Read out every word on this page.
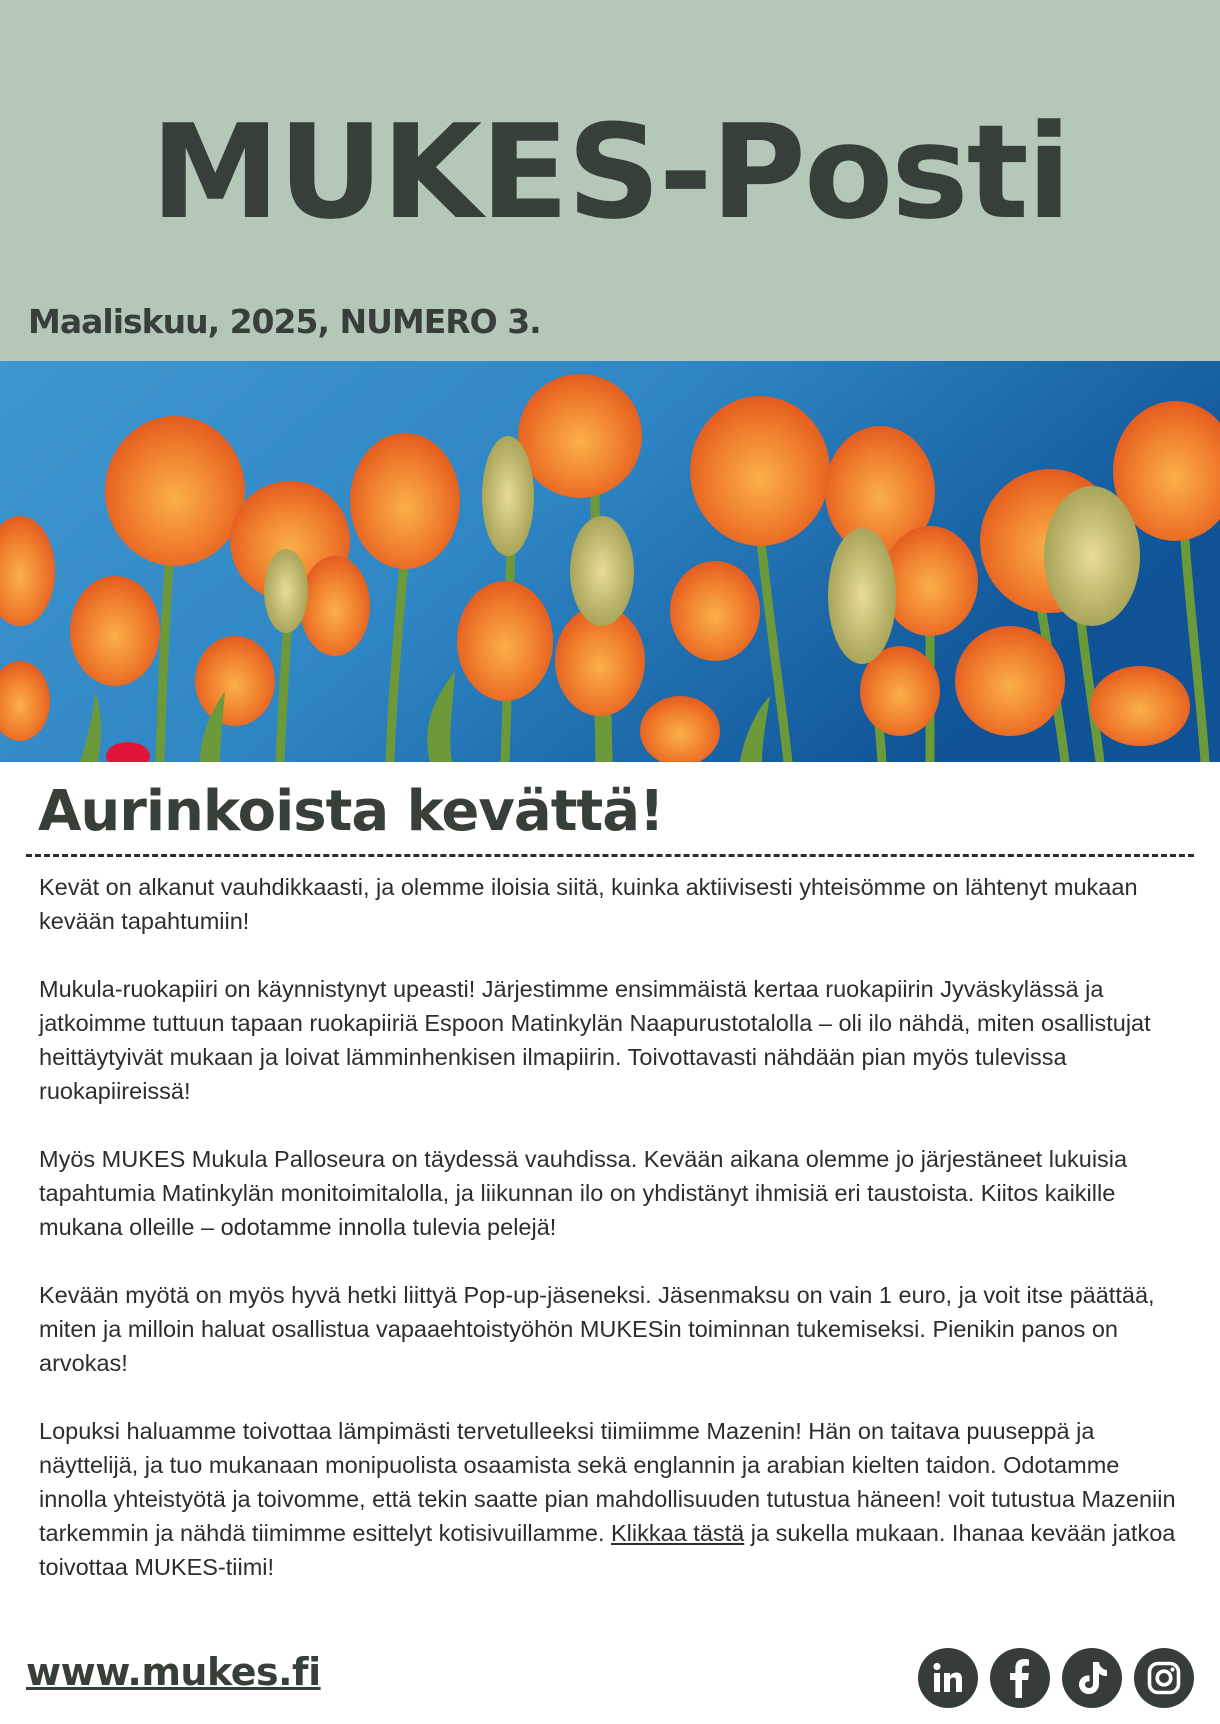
MUKES-Posti
Maaliskuu, 2025, NUMERO 3.
Aurinkoista kevättä!

Kevät on alkanut vauhdikkaasti, ja olemme iloisia siitä, kuinka aktiivisesti yhteisömme on lähtenyt mukaan kevään tapahtumiin!

Mukula-ruokapiiri on käynnistynyt upeasti! Järjestimme ensimmäistä kertaa ruokapiirin Jyväskylässä ja jatkoimme tuttuun tapaan ruokapiiriä Espoon Matinkylän Naapurustotalolla – oli ilo nähdä, miten osallistujat heittäytyivät mukaan ja loivat lämminhenkisen ilmapiirin. Toivottavasti nähdään pian myös tulevissa ruokapiireissä!

Myös MUKES Mukula Palloseura on täydessä vauhdissa. Kevään aikana olemme jo järjestäneet lukuisia tapahtumia Matinkylän monitoimitalolla, ja liikunnan ilo on yhdistänyt ihmisiä eri taustoista. Kiitos kaikille mukana olleille – odotamme innolla tulevia pelejä!

Kevään myötä on myös hyvä hetki liittyä Pop-up-jäseneksi. Jäsenmaksu on vain 1 euro, ja voit itse päättää, miten ja milloin haluat osallistua vapaaehtoistyöhön MUKESin toiminnan tukemiseksi. Pienikin panos on arvokas!

Lopuksi haluamme toivottaa lämpimästi tervetulleeksi tiimiimme Mazenin! Hän on taitava puuseppä ja näyttelijä, ja tuo mukanaan monipuolista osaamista sekä englannin ja arabian kielten taidon. Odotamme innolla yhteistyötä ja toivomme, että tekin saatte pian mahdollisuuden tutustua häneen! voit tutustua Mazeniin tarkemmin ja nähdä tiimimme esittelyt kotisivuillamme. Klikkaa tästä ja sukella mukaan. Ihanaa kevään jatkoa toivottaa MUKES-tiimi!

www.mukes.fi
